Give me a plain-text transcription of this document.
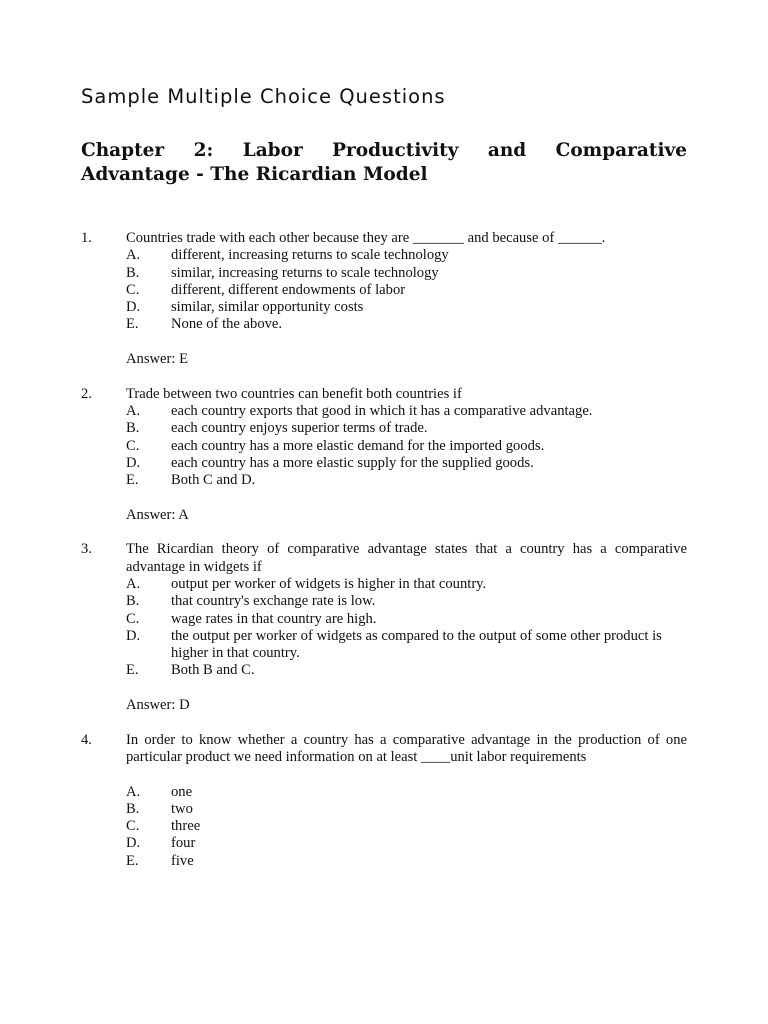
Sample Multiple Choice Questions
Chapter 2: Labor Productivity and Comparative
Advantage - The Ricardian Model
1. Countries trade with each other because they are _______ and because of ______.
A. different, increasing returns to scale technology
B. similar, increasing returns to scale technology
C. different, different endowments of labor
D. similar, similar opportunity costs
E. None of the above.
Answer: E
2. Trade between two countries can benefit both countries if
A. each country exports that good in which it has a comparative advantage.
B. each country enjoys superior terms of trade.
C. each country has a more elastic demand for the imported goods.
D. each country has a more elastic supply for the supplied goods.
E. Both C and D.
Answer: A
3. The Ricardian theory of comparative advantage states that a country has a comparative advantage in widgets if
A. output per worker of widgets is higher in that country.
B. that country's exchange rate is low.
C. wage rates in that country are high.
D. the output per worker of widgets as compared to the output of some other product is higher in that country.
E. Both B and C.
Answer: D
4. In order to know whether a country has a comparative advantage in the production of one particular product we need information on at least ____unit labor requirements
A. one
B. two
C. three
D. four
E. five
